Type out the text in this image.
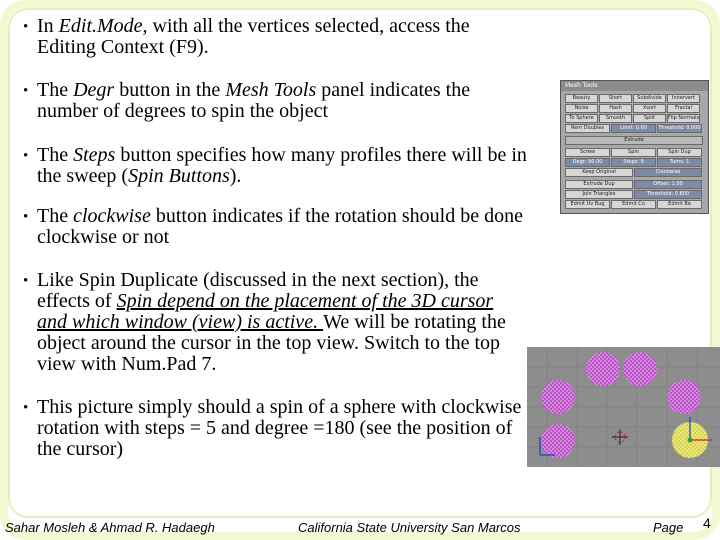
• In Edit.Mode, with all the vertices selected, access the Editing Context (F9).
• The Degr button in the Mesh Tools panel indicates the number of degrees to spin the object
• The Steps button specifies how many profiles there will be in the sweep (Spin Buttons).
• The clockwise button indicates if the rotation should be done clockwise or not
• Like Spin Duplicate (discussed in the next section), the effects of Spin depend on the placement of the 3D cursor and which window (view) is active. We will be rotating the object around the cursor in the top view. Switch to the top view with Num.Pad 7.
• This picture simply should a spin of a sphere with clockwise rotation with steps = 5 and degree =180 (see the position of the cursor)
Mesh Tools
Beauty	Short	Subdivide	Innervert
Noise	Hash	Xsort	Fractal
To Sphere	Smooth	Split	Flip Normals
Rem Doubles	Limit: 0.00	Threshold: 0.000
Extrude
Screw	Spin	Spin Dup
Degr: 90.00	Steps: 9	Turns: 1
Keep Original	Clockwise
Extrude Dup	Offset: 1.00
Join Triangles	Threshold: 0.800
Edmit Uv Bug	Edmit Co	Edmit Ba
Sahar Mosleh & Ahmad R. Hadaegh	California State University San Marcos	Page 4
